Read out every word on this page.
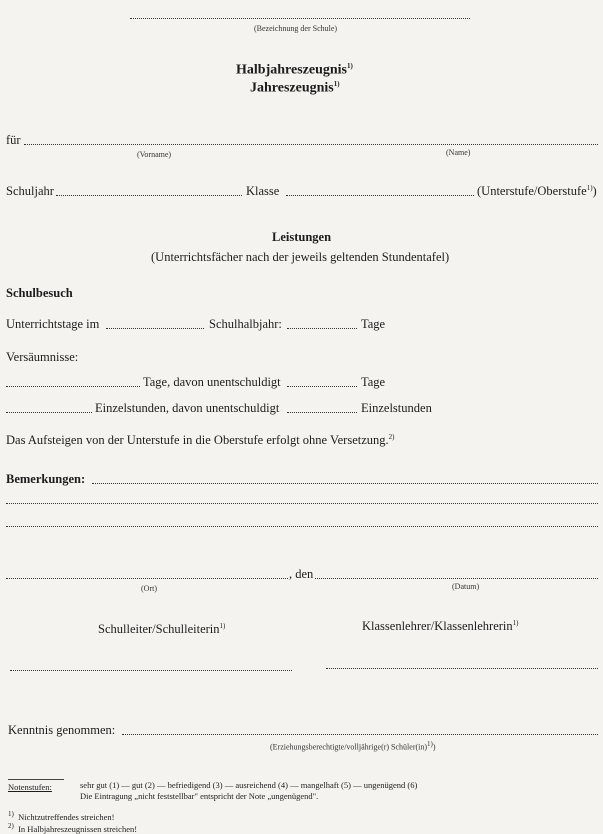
(Bezeichnung der Schule)
Halbjahreszeugnis$^{1)}$
Jahreszeugnis$^{1)}$
für
(Vorname)	(Name)
Schuljahr	Klasse	(Unterstufe/Oberstufe$^{1)}$)
Leistungen
(Unterrichtsfächer nach der jeweils geltenden Stundentafel)
Schulbesuch
Unterrichtstage im	Schulhalbjahr:	Tage
Versäumnisse:
Tage, davon unentschuldigt	Tage
Einzelstunden, davon unentschuldigt	Einzelstunden
Das Aufsteigen von der Unterstufe in die Oberstufe erfolgt ohne Versetzung.$^{2)}$
Bemerkungen:
, den
(Ort)	(Datum)
Schulleiter/Schulleiterin$^{1)}$	Klassenlehrer/Klassenlehrerin$^{1)}$
Kenntnis genommen:
(Erziehungsberechtigte/volljährige(r) Schüler(in)1))
Notenstufen:	sehr gut (1) — gut (2) — befriedigend (3) — ausreichend (4) — mangelhaft (5) — ungenügend (6)
Die Eintragung „nicht feststellbar" entspricht der Note „ungenügend".
$^{1)}$ Nichtzutreffendes streichen!
$^{2)}$ In Halbjahreszeugnissen streichen!
